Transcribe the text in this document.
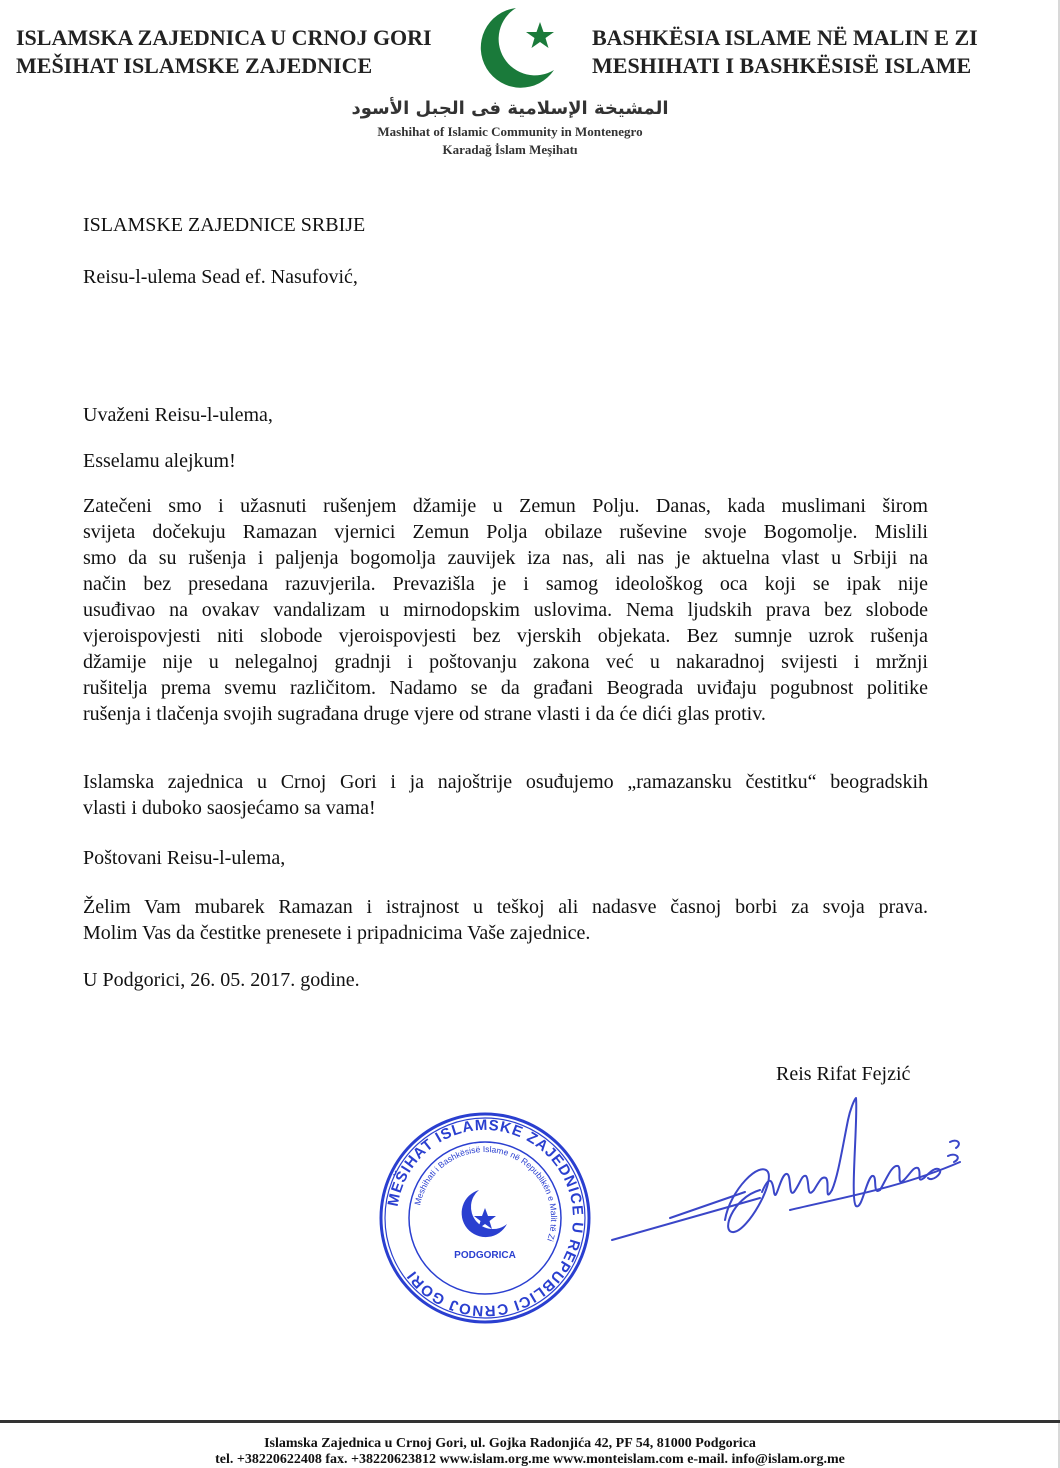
ISLAMSKA ZAJEDNICA U CRNOJ GORI
MEŠIHAT ISLAMSKE ZAJEDNICE
BASHKËSIA ISLAME NË MALIN E ZI
MESHIHATI I BASHKËSISË ISLAME
المشيخة الإسلامية فى الجبل الأسود
Mashihat of Islamic Community in Montenegro
Karadağ İslam Meşihatı
ISLAMSKE ZAJEDNICE SRBIJE
Reisu-l-ulema Sead ef. Nasufović,
Uvaženi Reisu-l-ulema,
Esselamu alejkum!
Zatečeni smo i užasnuti rušenjem džamije u Zemun Polju. Danas, kada muslimani širom
svijeta dočekuju Ramazan vjernici Zemun Polja obilaze ruševine svoje Bogomolje. Mislili
smo da su rušenja i paljenja bogomolja zauvijek iza nas, ali nas je aktuelna vlast u Srbiji na
način bez presedana razuvjerila. Prevazišla je i samog ideološkog oca koji se ipak nije
usuđivao na ovakav vandalizam u mirnodopskim uslovima. Nema ljudskih prava bez slobode
vjeroispovjesti niti slobode vjeroispovjesti bez vjerskih objekata. Bez sumnje uzrok rušenja
džamije nije u nelegalnoj gradnji i poštovanju zakona već u nakaradnoj svijesti i mržnji
rušitelja prema svemu različitom. Nadamo se da građani Beograda uviđaju pogubnost politike
rušenja i tlačenja svojih sugrađana druge vjere od strane vlasti i da će dići glas protiv.
Islamska zajednica u Crnoj Gori i ja najoštrije osuđujemo „ramazansku čestitku“ beogradskih
vlasti i duboko saosjećamo sa vama!
Poštovani Reisu-l-ulema,
Želim Vam mubarek Ramazan i istrajnost u teškoj ali nadasve časnoj borbi za svoja prava.
Molim Vas da čestitke prenesete i pripadnicima Vaše zajednice.
U Podgorici, 26. 05. 2017. godine.
Reis Rifat Fejzić
MEŠIHAT ISLAMSKE ZAJEDNICE U REPUBLICI CRNOJ GORI
Meshihati i Bashkësisë Islame në Republikën e Malit të Zi
PODGORICA
Islamska Zajednica u Crnoj Gori, ul. Gojka Radonjića 42, PF 54, 81000 Podgorica
tel. +38220622408 fax. +38220623812 www.islam.org.me www.monteislam.com e-mail. info@islam.org.me
